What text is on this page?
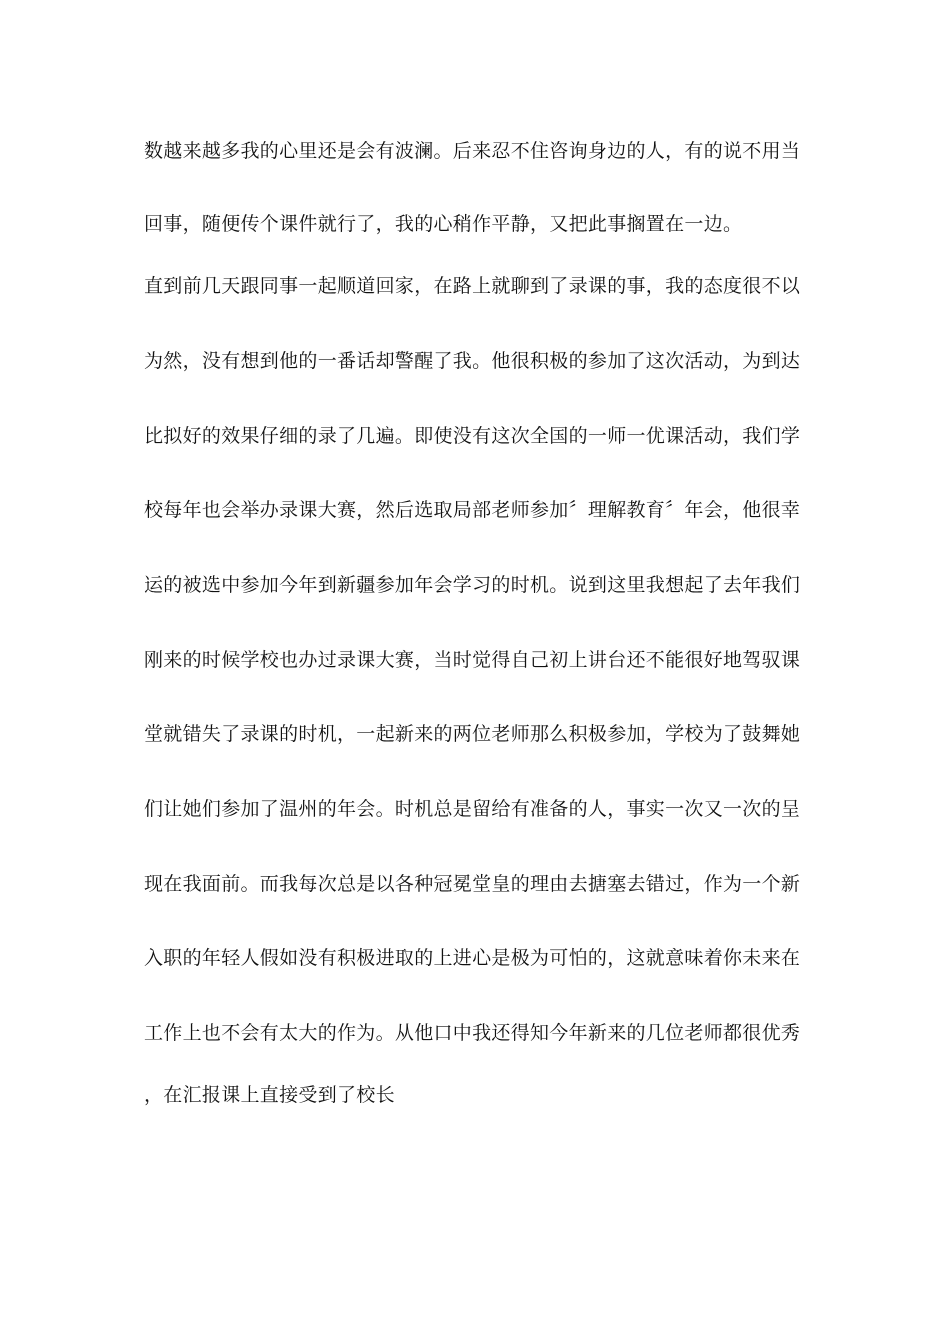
数越来越多我的心里还是会有波澜。后来忍不住咨询身边的人，有的说不用当

回事，随便传个课件就行了，我的心稍作平静，又把此事搁置在一边。

直到前几天跟同事一起顺道回家，在路上就聊到了录课的事，我的态度很不以

为然，没有想到他的一番话却警醒了我。他很积极的参加了这次活动，为到达

比拟好的效果仔细的录了几遍。即使没有这次全国的一师一优课活动，我们学

校每年也会举办录课大赛，然后选取局部老师参加〞理解教育〞年会，他很幸

运的被选中参加今年到新疆参加年会学习的时机。说到这里我想起了去年我们

刚来的时候学校也办过录课大赛，当时觉得自己初上讲台还不能很好地驾驭课

堂就错失了录课的时机，一起新来的两位老师那么积极参加，学校为了鼓舞她

们让她们参加了温州的年会。时机总是留给有准备的人，事实一次又一次的呈

现在我面前。而我每次总是以各种冠冕堂皇的理由去搪塞去错过，作为一个新

入职的年轻人假如没有积极进取的上进心是极为可怕的，这就意味着你未来在

工作上也不会有太大的作为。从他口中我还得知今年新来的几位老师都很优秀

，在汇报课上直接受到了校长
